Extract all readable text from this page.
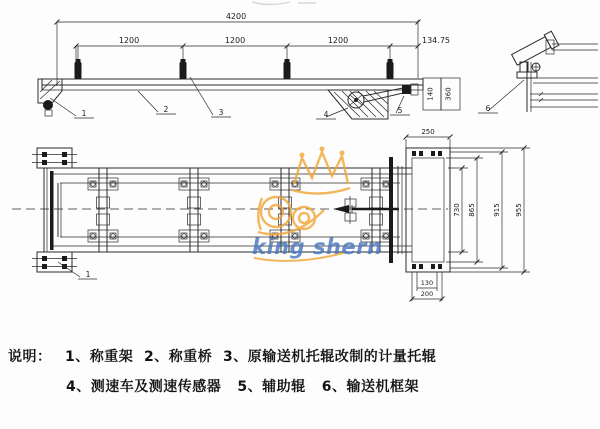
4200
1200	1200	1200	134.75
140 360
1	2	3	4	5	6
250
130
200
730 865 915 955
1
king shern
说明： 1、称重架  2、称重桥  3、原输送机托辊改制的计量托辊
4、测速车及测速传感器   5、辅助辊   6、输送机框架
